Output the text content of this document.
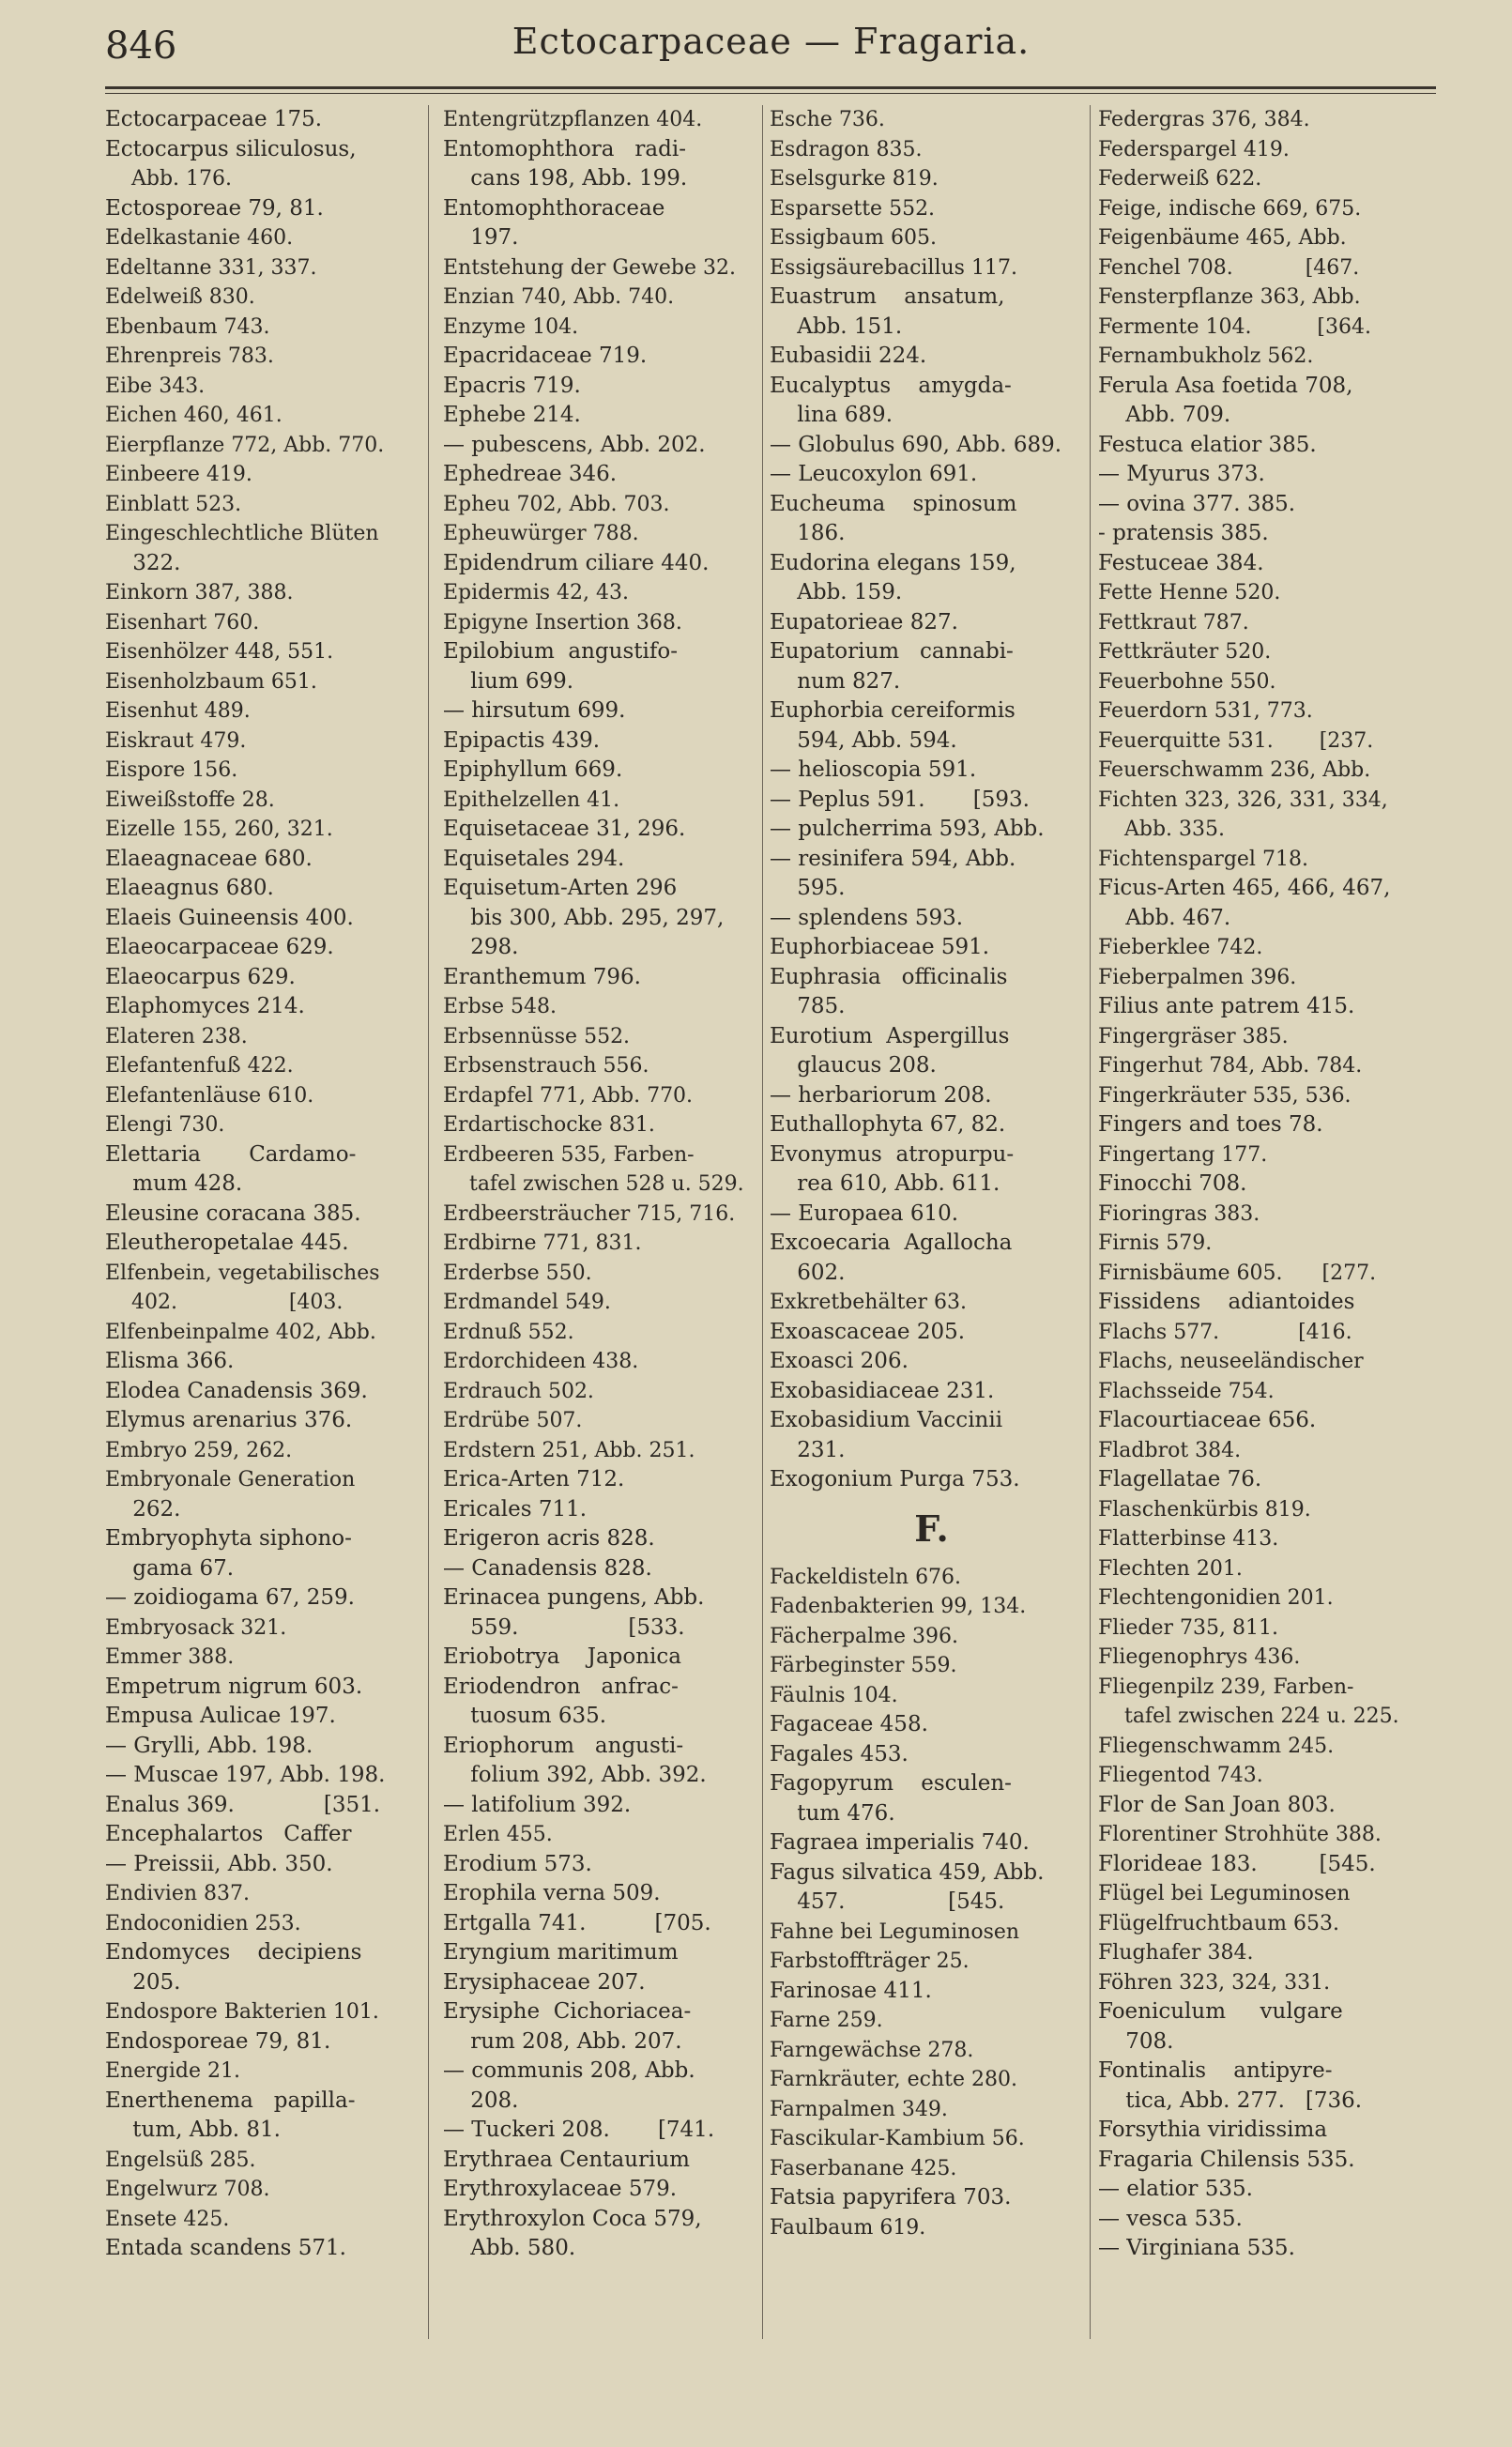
846	Ectocarpaceae — Fragaria.
Ectocarpaceae 175.
Ectocarpus siliculosus,
Abb. 176.
Ectosporeae 79, 81.
Edelkastanie 460.
Edeltanne 331, 337.
Edelweiß 830.
Ebenbaum 743.
Ehrenpreis 783.
Eibe 343.
Eichen 460, 461.
Eierpflanze 772, Abb. 770.
Einbeere 419.
Einblatt 523.
Eingeschlechtliche Blüten
322.
Einkorn 387, 388.
Eisenhart 760.
Eisenhölzer 448, 551.
Eisenholzbaum 651.
Eisenhut 489.
Eiskraut 479.
Eispore 156.
Eiweißstoffe 28.
Eizelle 155, 260, 321.
Elaeagnaceae 680.
Elaeagnus 680.
Elaeis Guineensis 400.
Elaeocarpaceae 629.
Elaeocarpus 629.
Elaphomyces 214.
Elateren 238.
Elefantenfuß 422.
Elefantenläuse 610.
Elengi 730.
Elettaria       Cardamo-
mum 428.
Eleusine coracana 385.
Eleutheropetalae 445.
Elfenbein, vegetabilisches
402.                 [403.
Elfenbeinpalme 402, Abb.
Elisma 366.
Elodea Canadensis 369.
Elymus arenarius 376.
Embryo 259, 262.
Embryonale Generation
262.
Embryophyta siphono-
gama 67.
— zoidiogama 67, 259.
Embryosack 321.
Emmer 388.
Empetrum nigrum 603.
Empusa Aulicae 197.
— Grylli, Abb. 198.
— Muscae 197, Abb. 198.
Enalus 369.             [351.
Encephalartos   Caffer
— Preissii, Abb. 350.
Endivien 837.
Endoconidien 253.
Endomyces    decipiens
205.
Endospore Bakterien 101.
Endosporeae 79, 81.
Energide 21.
Enerthenema   papilla-
tum, Abb. 81.
Engelsüß 285.
Engelwurz 708.
Ensete 425.
Entada scandens 571.
Entengrützpflanzen 404.
Entomophthora   radi-
cans 198, Abb. 199.
Entomophthoraceae
197.
Entstehung der Gewebe 32.
Enzian 740, Abb. 740.
Enzyme 104.
Epacridaceae 719.
Epacris 719.
Ephebe 214.
— pubescens, Abb. 202.
Ephedreae 346.
Epheu 702, Abb. 703.
Epheuwürger 788.
Epidendrum ciliare 440.
Epidermis 42, 43.
Epigyne Insertion 368.
Epilobium  angustifo-
lium 699.
— hirsutum 699.
Epipactis 439.
Epiphyllum 669.
Epithelzellen 41.
Equisetaceae 31, 296.
Equisetales 294.
Equisetum-Arten 296
bis 300, Abb. 295, 297,
298.
Eranthemum 796.
Erbse 548.
Erbsennüsse 552.
Erbsenstrauch 556.
Erdapfel 771, Abb. 770.
Erdartischocke 831.
Erdbeeren 535, Farben-
tafel zwischen 528 u. 529.
Erdbeersträucher 715, 716.
Erdbirne 771, 831.
Erderbse 550.
Erdmandel 549.
Erdnuß 552.
Erdorchideen 438.
Erdrauch 502.
Erdrübe 507.
Erdstern 251, Abb. 251.
Erica-Arten 712.
Ericales 711.
Erigeron acris 828.
— Canadensis 828.
Erinacea pungens, Abb.
559.                [533.
Eriobotrya    Japonica
Eriodendron   anfrac-
tuosum 635.
Eriophorum   angusti-
folium 392, Abb. 392.
— latifolium 392.
Erlen 455.
Erodium 573.
Erophila verna 509.
Ertgalla 741.          [705.
Eryngium maritimum
Erysiphaceae 207.
Erysiphe  Cichoriacea-
rum 208, Abb. 207.
— communis 208, Abb.
208.
— Tuckeri 208.       [741.
Erythraea Centaurium
Erythroxylaceae 579.
Erythroxylon Coca 579,
Abb. 580.
Esche 736.
Esdragon 835.
Eselsgurke 819.
Esparsette 552.
Essigbaum 605.
Essigsäurebacillus 117.
Euastrum    ansatum,
Abb. 151.
Eubasidii 224.
Eucalyptus    amygda-
lina 689.
— Globulus 690, Abb. 689.
— Leucoxylon 691.
Eucheuma    spinosum
186.
Eudorina elegans 159,
Abb. 159.
Eupatorieae 827.
Eupatorium   cannabi-
num 827.
Euphorbia cereiformis
594, Abb. 594.
— helioscopia 591.
— Peplus 591.       [593.
— pulcherrima 593, Abb.
— resinifera 594, Abb.
595.
— splendens 593.
Euphorbiaceae 591.
Euphrasia   officinalis
785.
Eurotium  Aspergillus
glaucus 208.
— herbariorum 208.
Euthallophyta 67, 82.
Evonymus  atropurpu-
rea 610, Abb. 611.
— Europaea 610.
Excoecaria  Agallocha
602.
Exkretbehälter 63.
Exoascaceae 205.
Exoasci 206.
Exobasidiaceae 231.
Exobasidium Vaccinii
231.
Exogonium Purga 753.
F.
Fackeldisteln 676.
Fadenbakterien 99, 134.
Fächerpalme 396.
Färbeginster 559.
Fäulnis 104.
Fagaceae 458.
Fagales 453.
Fagopyrum    esculen-
tum 476.
Fagraea imperialis 740.
Fagus silvatica 459, Abb.
457.               [545.
Fahne bei Leguminosen
Farbstoffträger 25.
Farinosae 411.
Farne 259.
Farngewächse 278.
Farnkräuter, echte 280.
Farnpalmen 349.
Fascikular-Kambium 56.
Faserbanane 425.
Fatsia papyrifera 703.
Faulbaum 619.
Federgras 376, 384.
Federspargel 419.
Federweiß 622.
Feige, indische 669, 675.
Feigenbäume 465, Abb.
Fenchel 708.           [467.
Fensterpflanze 363, Abb.
Fermente 104.          [364.
Fernambukholz 562.
Ferula Asa foetida 708,
Abb. 709.
Festuca elatior 385.
— Myurus 373.
— ovina 377. 385.
- pratensis 385.
Festuceae 384.
Fette Henne 520.
Fettkraut 787.
Fettkräuter 520.
Feuerbohne 550.
Feuerdorn 531, 773.
Feuerquitte 531.       [237.
Feuerschwamm 236, Abb.
Fichten 323, 326, 331, 334,
Abb. 335.
Fichtenspargel 718.
Ficus-Arten 465, 466, 467,
Abb. 467.
Fieberklee 742.
Fieberpalmen 396.
Filius ante patrem 415.
Fingergräser 385.
Fingerhut 784, Abb. 784.
Fingerkräuter 535, 536.
Fingers and toes 78.
Fingertang 177.
Finocchi 708.
Fioringras 383.
Firnis 579.
Firnisbäume 605.      [277.
Fissidens    adiantoides
Flachs 577.            [416.
Flachs, neuseeländischer
Flachsseide 754.
Flacourtiaceae 656.
Fladbrot 384.
Flagellatae 76.
Flaschenkürbis 819.
Flatterbinse 413.
Flechten 201.
Flechtengonidien 201.
Flieder 735, 811.
Fliegenophrys 436.
Fliegenpilz 239, Farben-
tafel zwischen 224 u. 225.
Fliegenschwamm 245.
Fliegentod 743.
Flor de San Joan 803.
Florentiner Strohhüte 388.
Florideae 183.         [545.
Flügel bei Leguminosen
Flügelfruchtbaum 653.
Flughafer 384.
Föhren 323, 324, 331.
Foeniculum     vulgare
708.
Fontinalis    antipyre-
tica, Abb. 277.   [736.
Forsythia viridissima
Fragaria Chilensis 535.
— elatior 535.
— vesca 535.
— Virginiana 535.
